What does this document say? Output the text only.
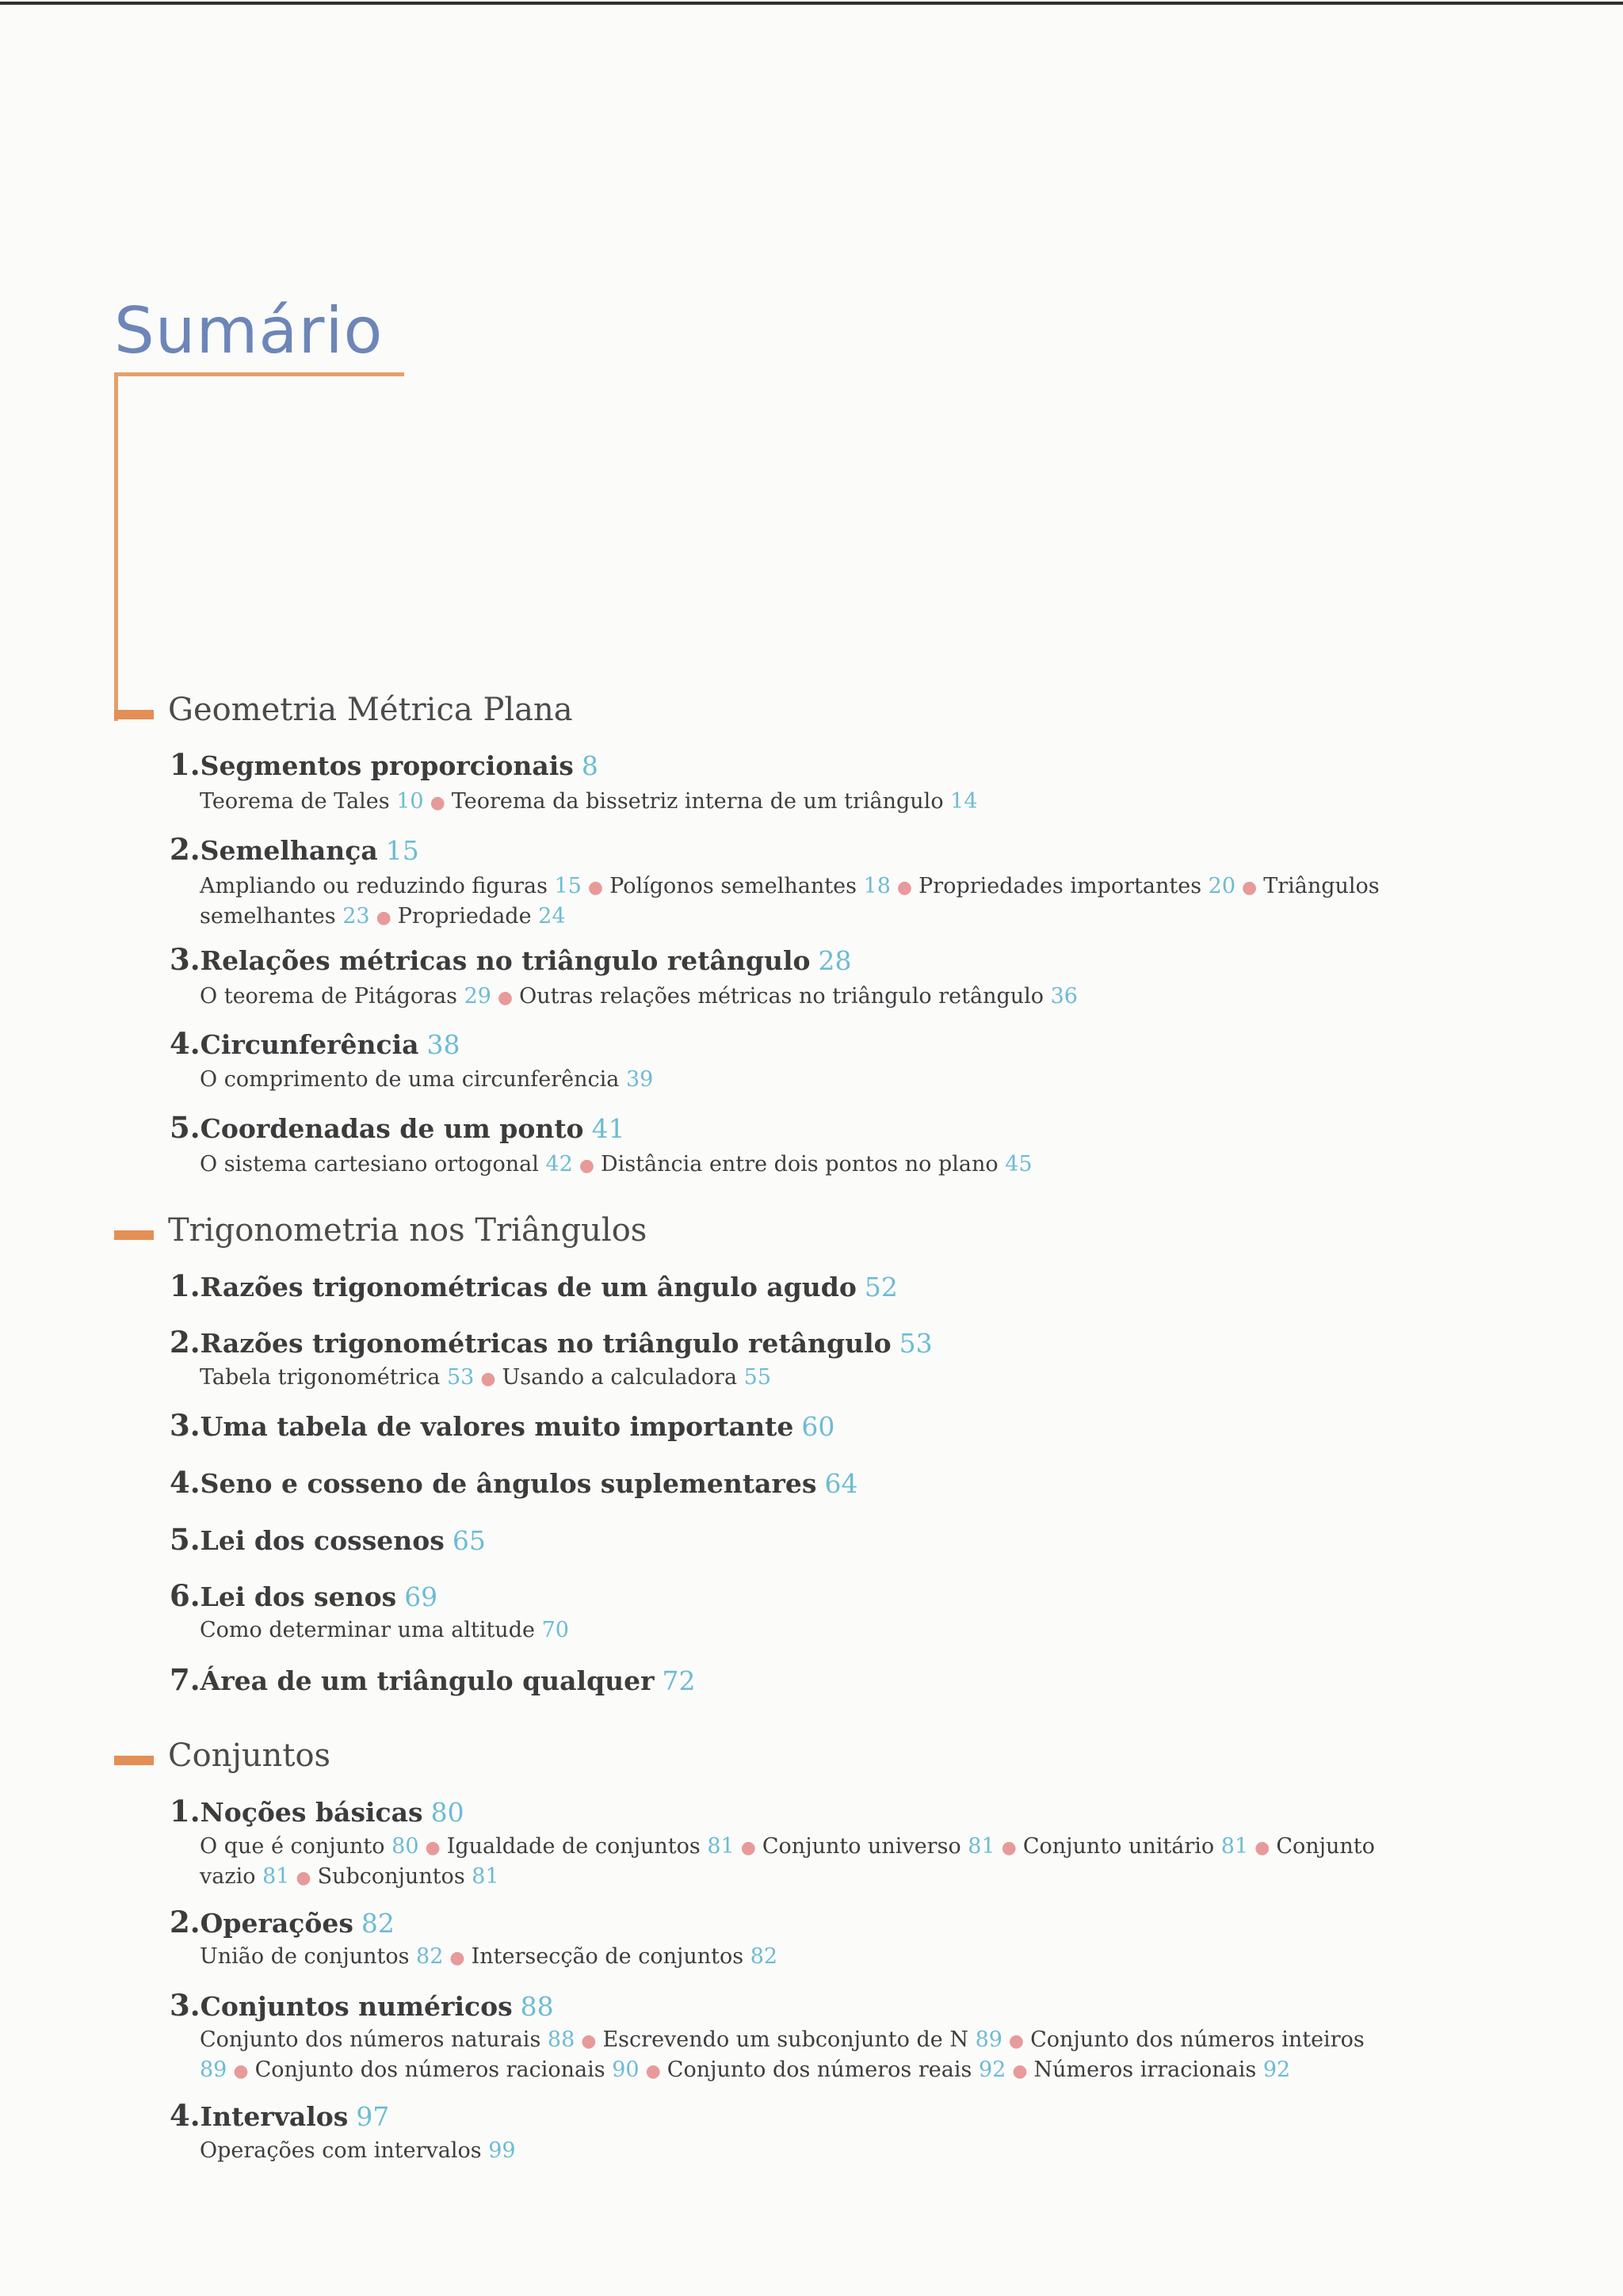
Sumário
Geometria Métrica Plana
1.Segmentos proporcionais 8
Teorema de Tales 10 ● Teorema da bissetriz interna de um triângulo 14
2.Semelhança 15
Ampliando ou reduzindo figuras 15 ● Polígonos semelhantes 18 ● Propriedades importantes 20 ● Triângulos semelhantes 23 ● Propriedade 24
3.Relações métricas no triângulo retângulo 28
O teorema de Pitágoras 29 ● Outras relações métricas no triângulo retângulo 36
4.Circunferência 38
O comprimento de uma circunferência 39
5.Coordenadas de um ponto 41
O sistema cartesiano ortogonal 42 ● Distância entre dois pontos no plano 45
Trigonometria nos Triângulos
1.Razões trigonométricas de um ângulo agudo 52
2.Razões trigonométricas no triângulo retângulo 53
Tabela trigonométrica 53 ● Usando a calculadora 55
3.Uma tabela de valores muito importante 60
4.Seno e cosseno de ângulos suplementares 64
5.Lei dos cossenos 65
6.Lei dos senos 69
Como determinar uma altitude 70
7.Área de um triângulo qualquer 72
Conjuntos
1.Noções básicas 80
O que é conjunto 80 ● Igualdade de conjuntos 81 ● Conjunto universo 81 ● Conjunto unitário 81 ● Conjunto vazio 81 ● Subconjuntos 81
2.Operações 82
União de conjuntos 82 ● Intersecção de conjuntos 82
3.Conjuntos numéricos 88
Conjunto dos números naturais 88 ● Escrevendo um subconjunto de N 89 ● Conjunto dos números inteiros 89 ● Conjunto dos números racionais 90 ● Conjunto dos números reais 92 ● Números irracionais 92
4.Intervalos 97
Operações com intervalos 99
